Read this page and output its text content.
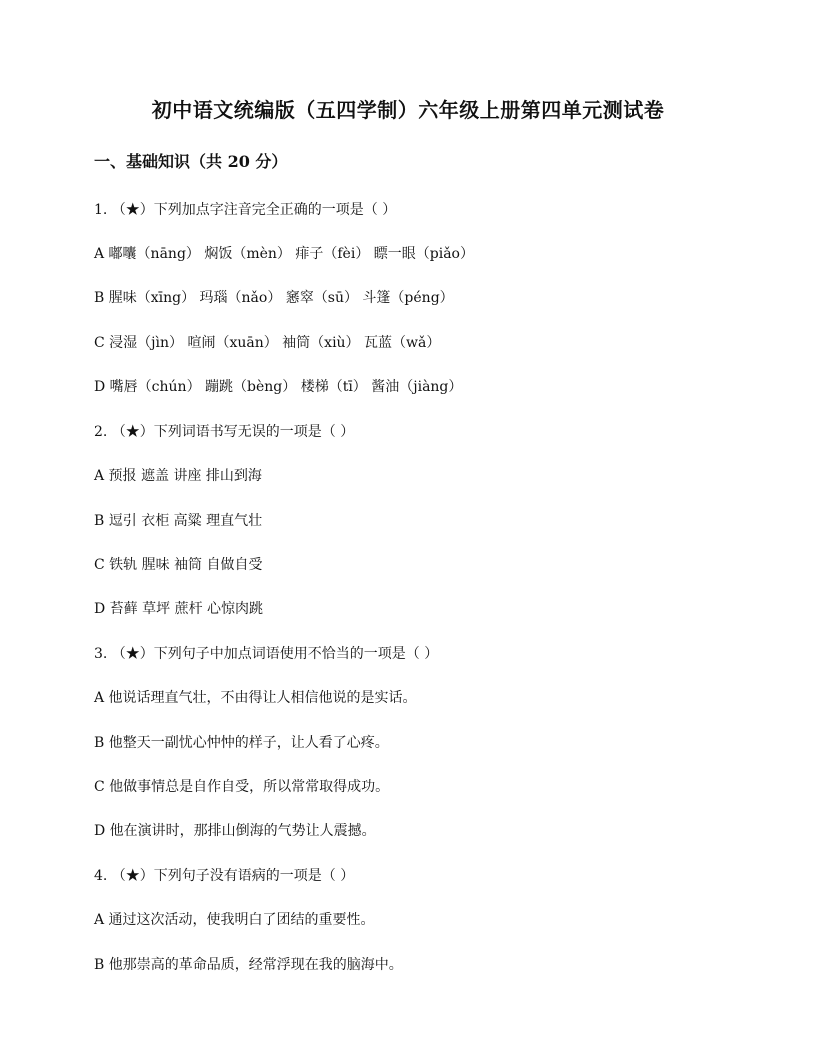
初中语文统编版（五四学制）六年级上册第四单元测试卷
一、基础知识（共 20 分）
1. （★）下列加点字注音完全正确的一项是（ ）
A 嘟囔（nāng） 焖饭（mèn） 痱子（fèi） 瞟一眼（piǎo）
B 腥味（xīng） 玛瑙（nǎo） 窸窣（sū） 斗篷（péng）
C 浸湿（jìn） 喧闹（xuān） 袖筒（xiù） 瓦蓝（wǎ）
D 嘴唇（chún） 蹦跳（bèng） 楼梯（tī） 酱油（jiàng）
2. （★）下列词语书写无误的一项是（ ）
A 预报 遮盖 讲座 排山到海
B 逗引 衣柜 高粱 理直气壮
C 铁轨 腥味 袖筒 自做自受
D 苔藓 草坪 蔗杆 心惊肉跳
3. （★）下列句子中加点词语使用不恰当的一项是（ ）
A 他说话理直气壮，不由得让人相信他说的是实话。
B 他整天一副忧心忡忡的样子，让人看了心疼。
C 他做事情总是自作自受，所以常常取得成功。
D 他在演讲时，那排山倒海的气势让人震撼。
4. （★）下列句子没有语病的一项是（ ）
A 通过这次活动，使我明白了团结的重要性。
B 他那崇高的革命品质，经常浮现在我的脑海中。
